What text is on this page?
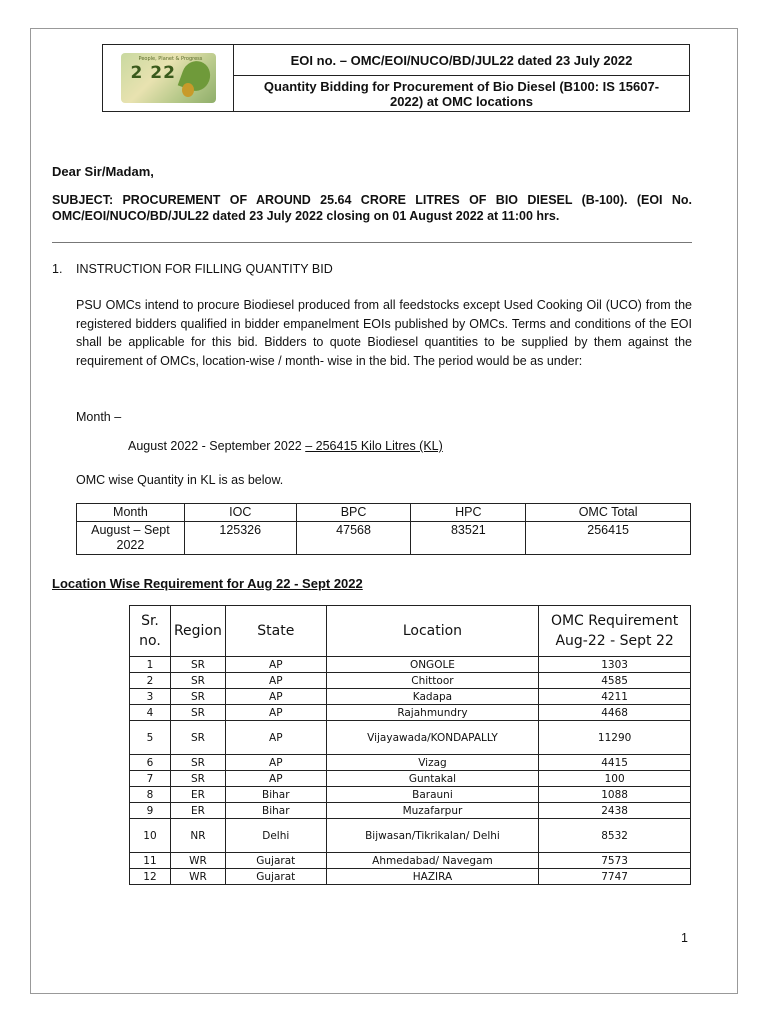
People, Planet & Progress
2 22
EOI no. – OMC/EOI/NUCO/BD/JUL22 dated 23 July 2022
Quantity Bidding for Procurement of Bio Diesel (B100: IS 15607-2022) at OMC locations
Dear Sir/Madam,
SUBJECT: PROCUREMENT OF AROUND 25.64 CRORE LITRES OF BIO DIESEL (B-100). (EOI No. OMC/EOI/NUCO/BD/JUL22 dated 23 July 2022 closing on 01 August 2022 at 11:00 hrs.
1. INSTRUCTION FOR FILLING QUANTITY BID
PSU OMCs intend to procure Biodiesel produced from all feedstocks except Used Cooking Oil (UCO) from the registered bidders qualified in bidder empanelment EOIs published by OMCs. Terms and conditions of the EOI shall be applicable for this bid. Bidders to quote Biodiesel quantities to be supplied by them against the requirement of OMCs, location-wise / month- wise in the bid. The period would be as under:
Month –
August 2022 - September 2022 – 256415 Kilo Litres (KL)
OMC wise Quantity in KL is as below.
Month	IOC	BPC	HPC	OMC Total
August – Sept 2022	125326	47568	83521	256415
Location Wise Requirement for Aug 22 - Sept 2022
Sr. no.	Region	State	Location	OMC Requirement Aug-22 - Sept 22
1	SR	AP	ONGOLE	1303
2	SR	AP	Chittoor	4585
3	SR	AP	Kadapa	4211
4	SR	AP	Rajahmundry	4468
5	SR	AP	Vijayawada/KONDAPALLY	11290
6	SR	AP	Vizag	4415
7	SR	AP	Guntakal	100
8	ER	Bihar	Barauni	1088
9	ER	Bihar	Muzafarpur	2438
10	NR	Delhi	Bijwasan/Tikrikalan/ Delhi	8532
11	WR	Gujarat	Ahmedabad/ Navegam	7573
12	WR	Gujarat	HAZIRA	7747
1
